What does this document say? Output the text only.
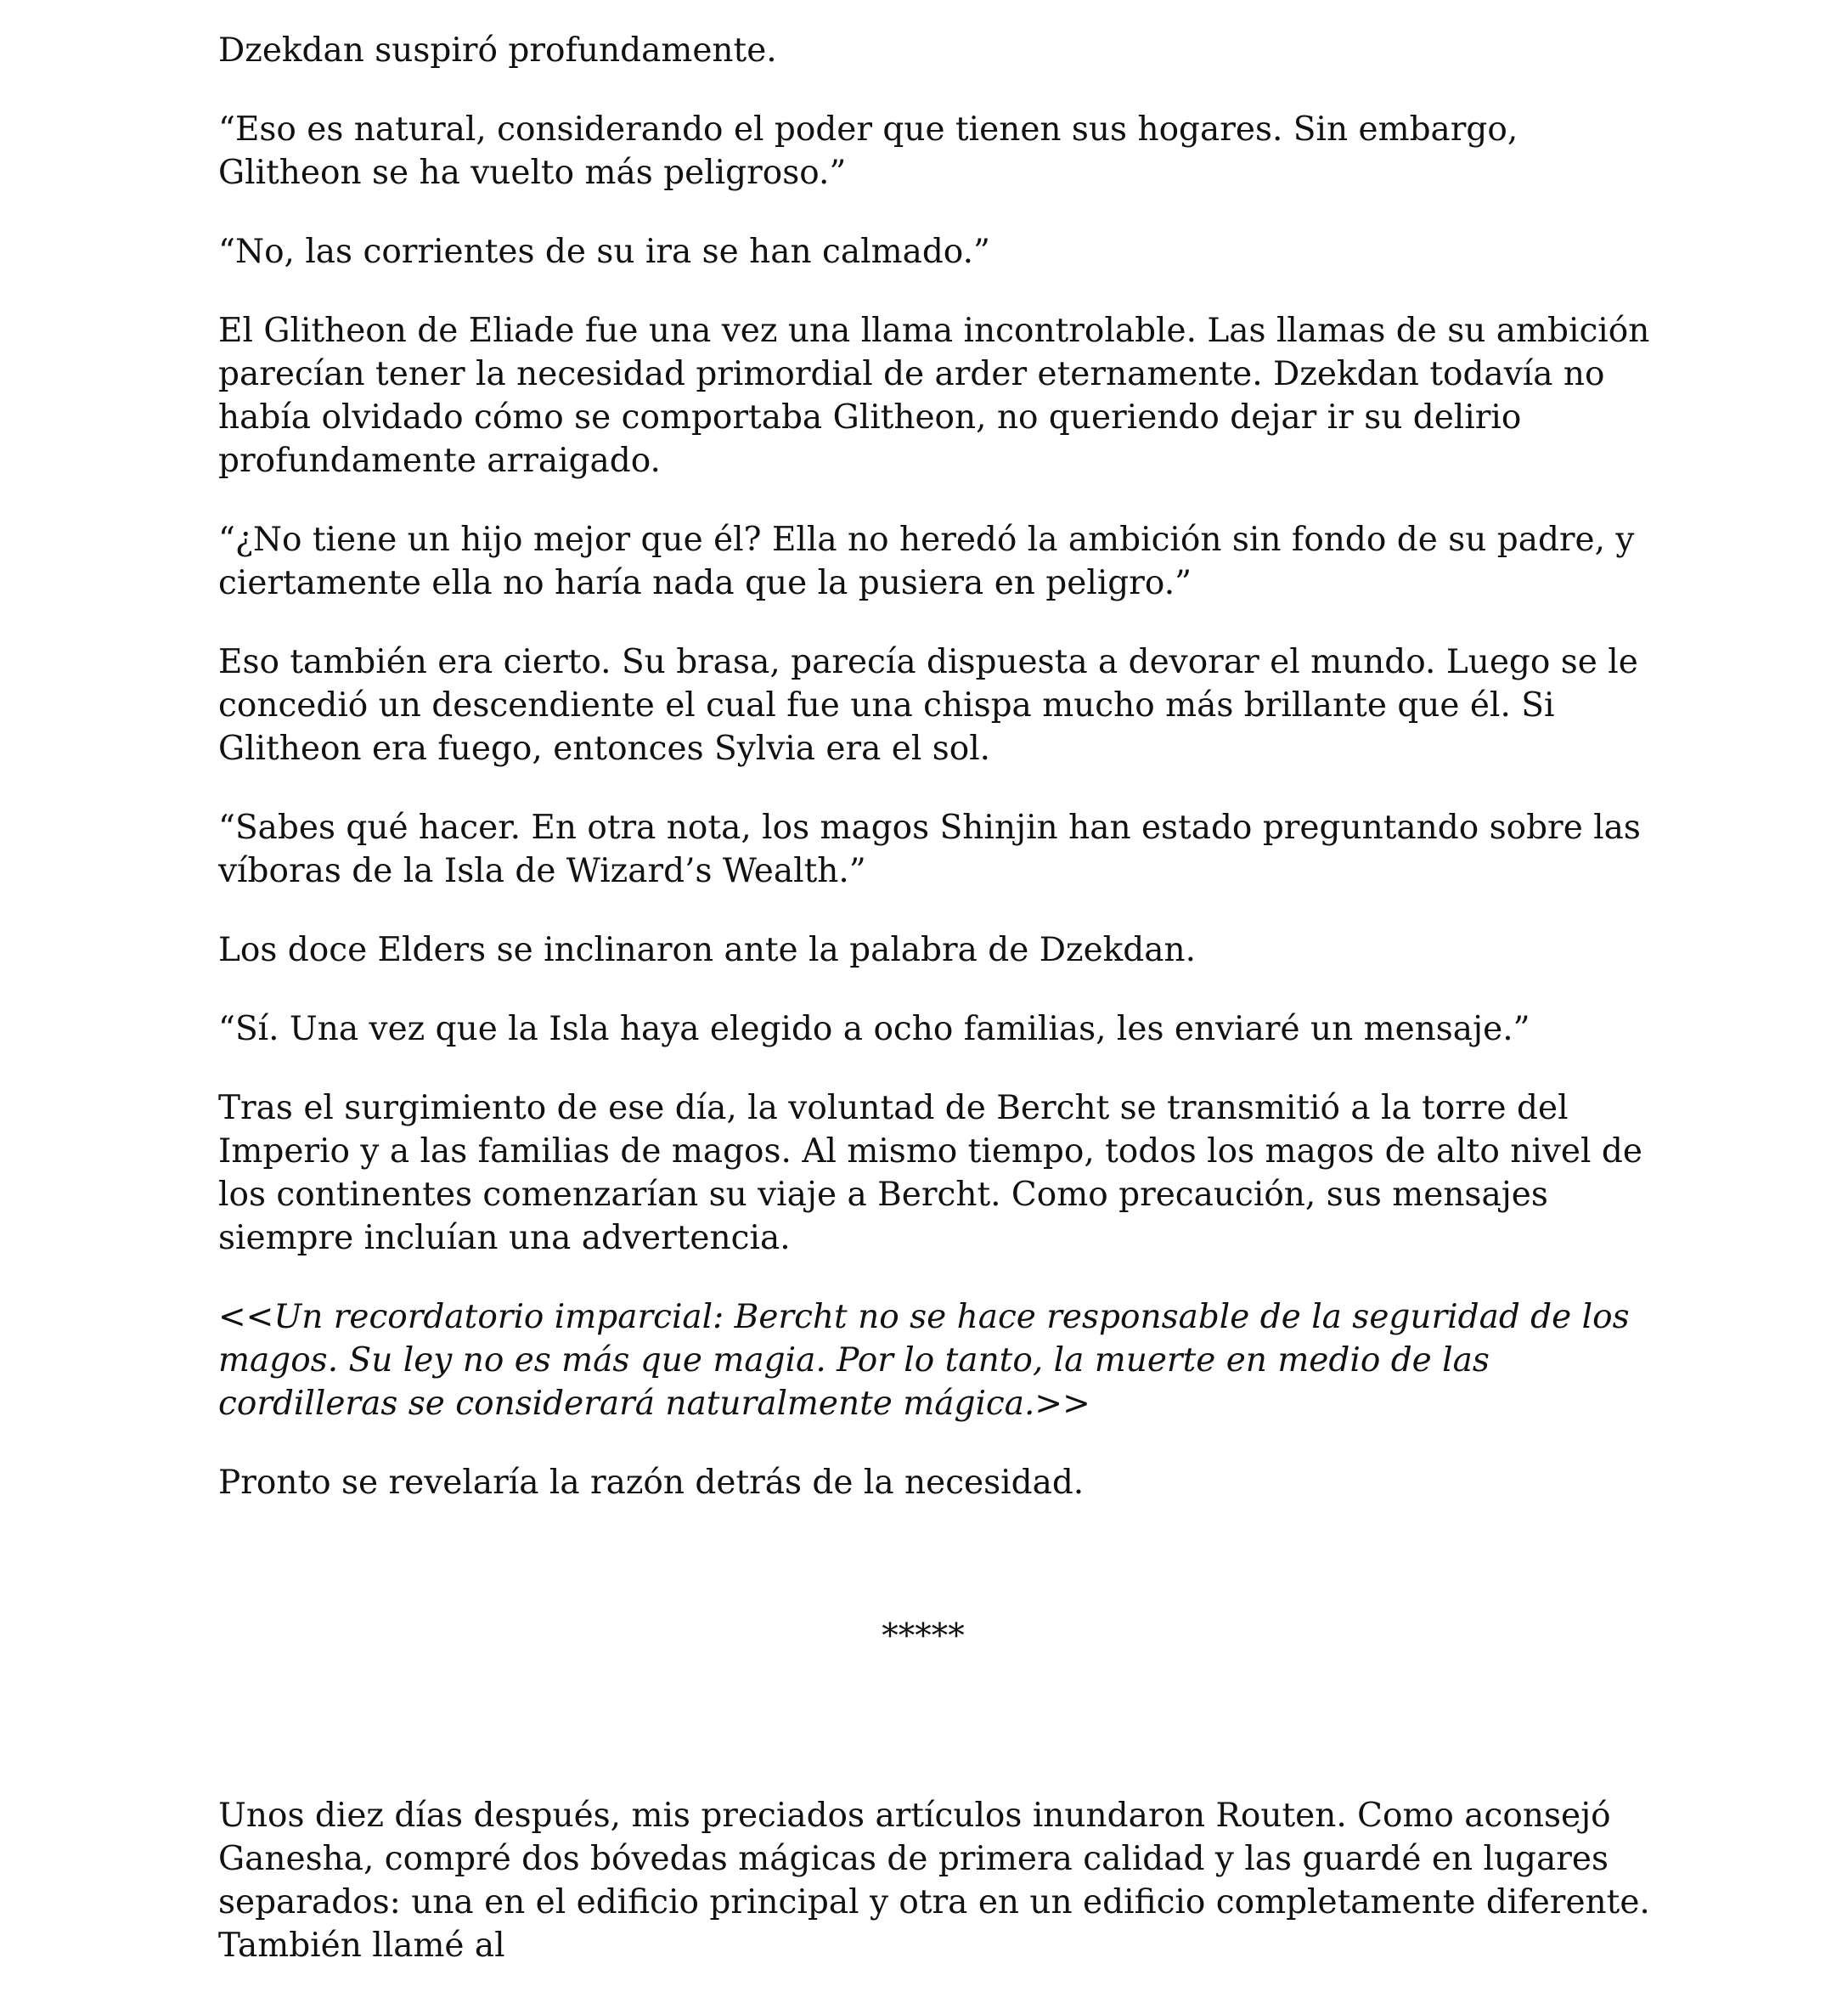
Dzekdan suspiró profundamente.

“Eso es natural, considerando el poder que tienen sus hogares. Sin embargo, Glitheon se ha vuelto más peligroso.”

“No, las corrientes de su ira se han calmado.”

El Glitheon de Eliade fue una vez una llama incontrolable. Las llamas de su ambición parecían tener la necesidad primordial de arder eternamente. Dzekdan todavía no había olvidado cómo se comportaba Glitheon, no queriendo dejar ir su delirio profundamente arraigado.

“¿No tiene un hijo mejor que él? Ella no heredó la ambición sin fondo de su padre, y ciertamente ella no haría nada que la pusiera en peligro.”

Eso también era cierto. Su brasa, parecía dispuesta a devorar el mundo. Luego se le concedió un descendiente el cual fue una chispa mucho más brillante que él. Si Glitheon era fuego, entonces Sylvia era el sol.

“Sabes qué hacer. En otra nota, los magos Shinjin han estado preguntando sobre las víboras de la Isla de Wizard’s Wealth.”

Los doce Elders se inclinaron ante la palabra de Dzekdan.

“Sí. Una vez que la Isla haya elegido a ocho familias, les enviaré un mensaje.”

Tras el surgimiento de ese día, la voluntad de Bercht se transmitió a la torre del Imperio y a las familias de magos. Al mismo tiempo, todos los magos de alto nivel de los continentes comenzarían su viaje a Bercht. Como precaución, sus mensajes siempre incluían una advertencia.

<<Un recordatorio imparcial: Bercht no se hace responsable de la seguridad de los magos. Su ley no es más que magia. Por lo tanto, la muerte en medio de las cordilleras se considerará naturalmente mágica.>>

Pronto se revelaría la razón detrás de la necesidad.

*****

Unos diez días después, mis preciados artículos inundaron Routen. Como aconsejó Ganesha, compré dos bóvedas mágicas de primera calidad y las guardé en lugares separados: una en el edificio principal y otra en un edificio completamente diferente. También llamé al
